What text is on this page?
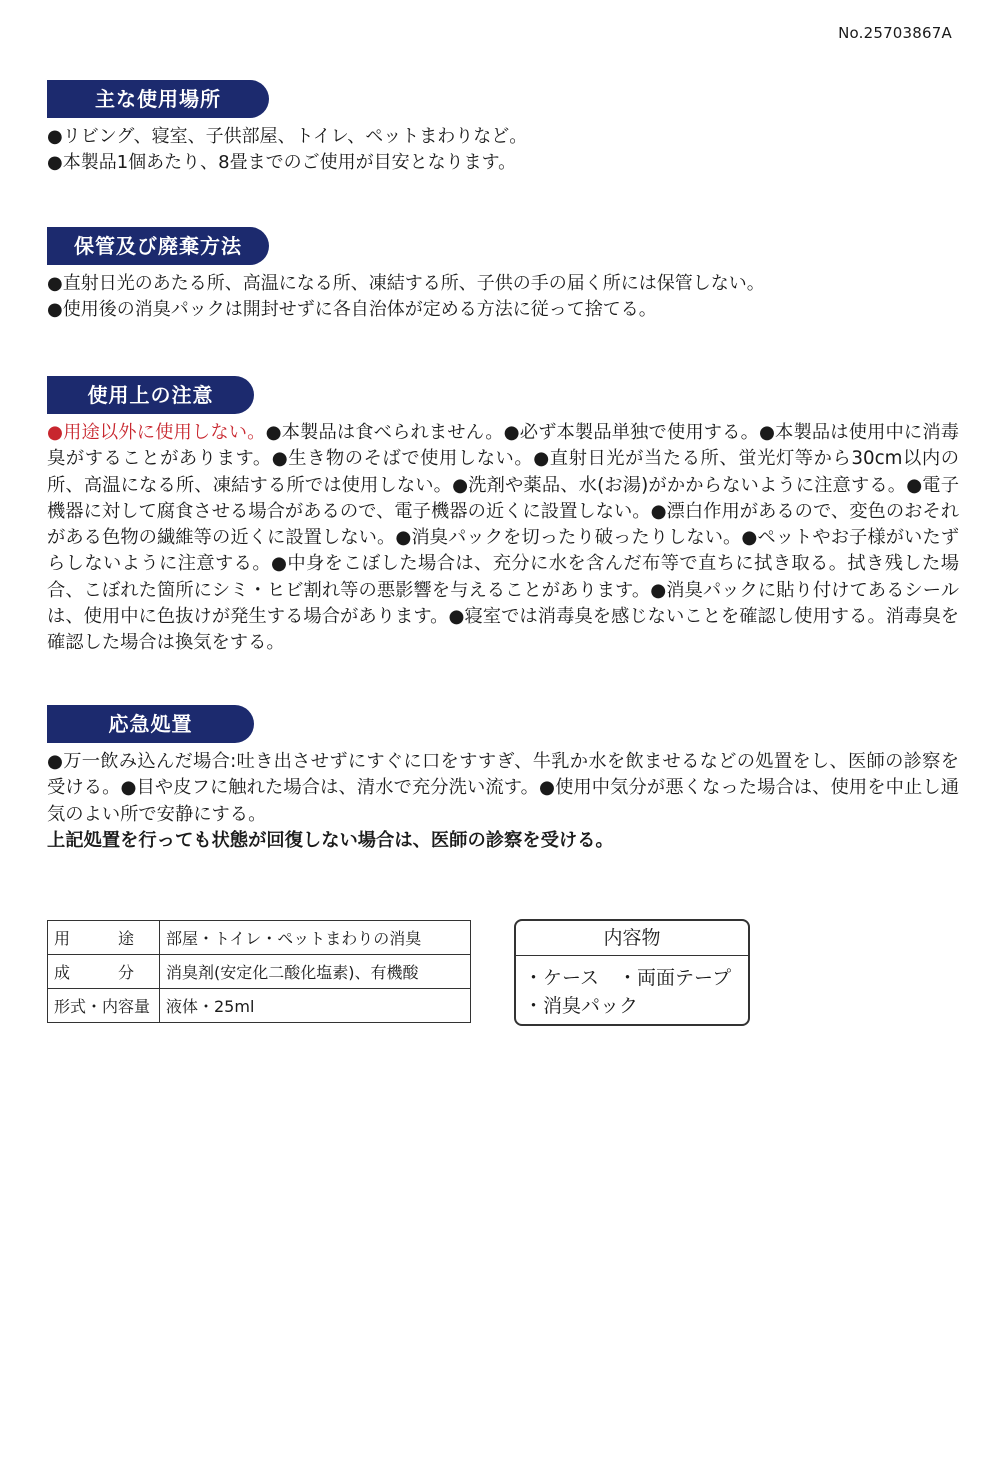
No.25703867A
主な使用場所
●リビング、寝室、子供部屋、トイレ、ペットまわりなど。
●本製品1個あたり、8畳までのご使用が目安となります。
保管及び廃棄方法
●直射日光のあたる所、高温になる所、凍結する所、子供の手の届く所には保管しない。
●使用後の消臭パックは開封せずに各自治体が定める方法に従って捨てる。
使用上の注意
●用途以外に使用しない。●本製品は食べられません。●必ず本製品単独で使用する。●本製品は使用中に消毒臭がすることがあります。●生き物のそばで使用しない。●直射日光が当たる所、蛍光灯等から30cm以内の所、高温になる所、凍結する所では使用しない。●洗剤や薬品、水(お湯)がかからないように注意する。●電子機器に対して腐食させる場合があるので、電子機器の近くに設置しない。●漂白作用があるので、変色のおそれがある色物の繊維等の近くに設置しない。●消臭パックを切ったり破ったりしない。●ペットやお子様がいたずらしないように注意する。●中身をこぼした場合は、充分に水を含んだ布等で直ちに拭き取る。拭き残した場合、こぼれた箇所にシミ・ヒビ割れ等の悪影響を与えることがあります。●消臭パックに貼り付けてあるシールは、使用中に色抜けが発生する場合があります。●寝室では消毒臭を感じないことを確認し使用する。消毒臭を確認した場合は換気をする。
応急処置
●万一飲み込んだ場合:吐き出させずにすぐに口をすすぎ、牛乳か水を飲ませるなどの処置をし、医師の診察を受ける。●目や皮フに触れた場合は、清水で充分洗い流す。●使用中気分が悪くなった場合は、使用を中止し通気のよい所で安静にする。
上記処置を行っても状態が回復しない場合は、医師の診察を受ける。
用　　　途	部屋・トイレ・ペットまわりの消臭
成　　　分	消臭剤(安定化二酸化塩素)、有機酸
形式・内容量	液体・25ml
内容物
・ケース　・両面テープ
・消臭パック
